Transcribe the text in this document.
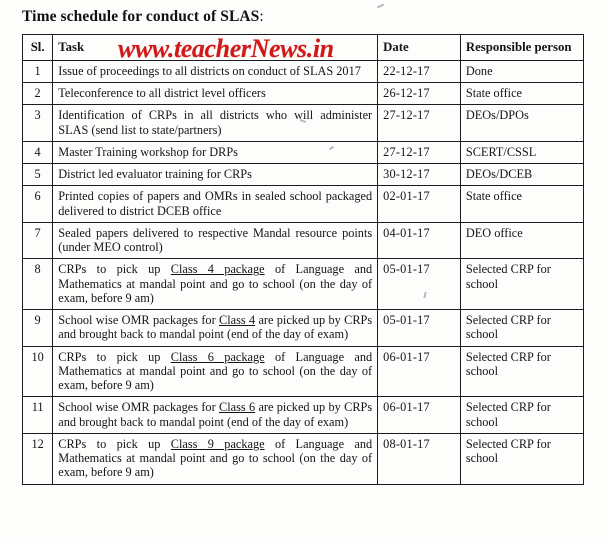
Time schedule for conduct of SLAS:
Sl.	Task	Date	Responsible person
1	Issue of proceedings to all districts on conduct of SLAS 2017	22-12-17	Done
2	Teleconference to all district level officers	26-12-17	State office
3	Identification of CRPs in all districts who will administer SLAS (send list to state/partners)	27-12-17	DEOs/DPOs
4	Master Training workshop for DRPs	27-12-17	SCERT/CSSL
5	District led evaluator training for CRPs	30-12-17	DEOs/DCEB
6	Printed copies of papers and OMRs in sealed school packaged delivered to district DCEB office	02-01-17	State office
7	Sealed papers delivered to respective Mandal resource points (under MEO control)	04-01-17	DEO office
8	CRPs to pick up Class 4 package of Language and Mathematics at mandal point and go to school (on the day of exam, before 9 am)	05-01-17	Selected CRP for school
9	School wise OMR packages for Class 4 are picked up by CRPs and brought back to mandal point (end of the day of exam)	05-01-17	Selected CRP for school
10	CRPs to pick up Class 6 package of Language and Mathematics at mandal point and go to school (on the day of exam, before 9 am)	06-01-17	Selected CRP for school
11	School wise OMR packages for Class 6 are picked up by CRPs and brought back to mandal point (end of the day of exam)	06-01-17	Selected CRP for school
12	CRPs to pick up Class 9 package of Language and Mathematics at mandal point and go to school (on the day of exam, before 9 am)	08-01-17	Selected CRP for school
www.teacherNews.in
